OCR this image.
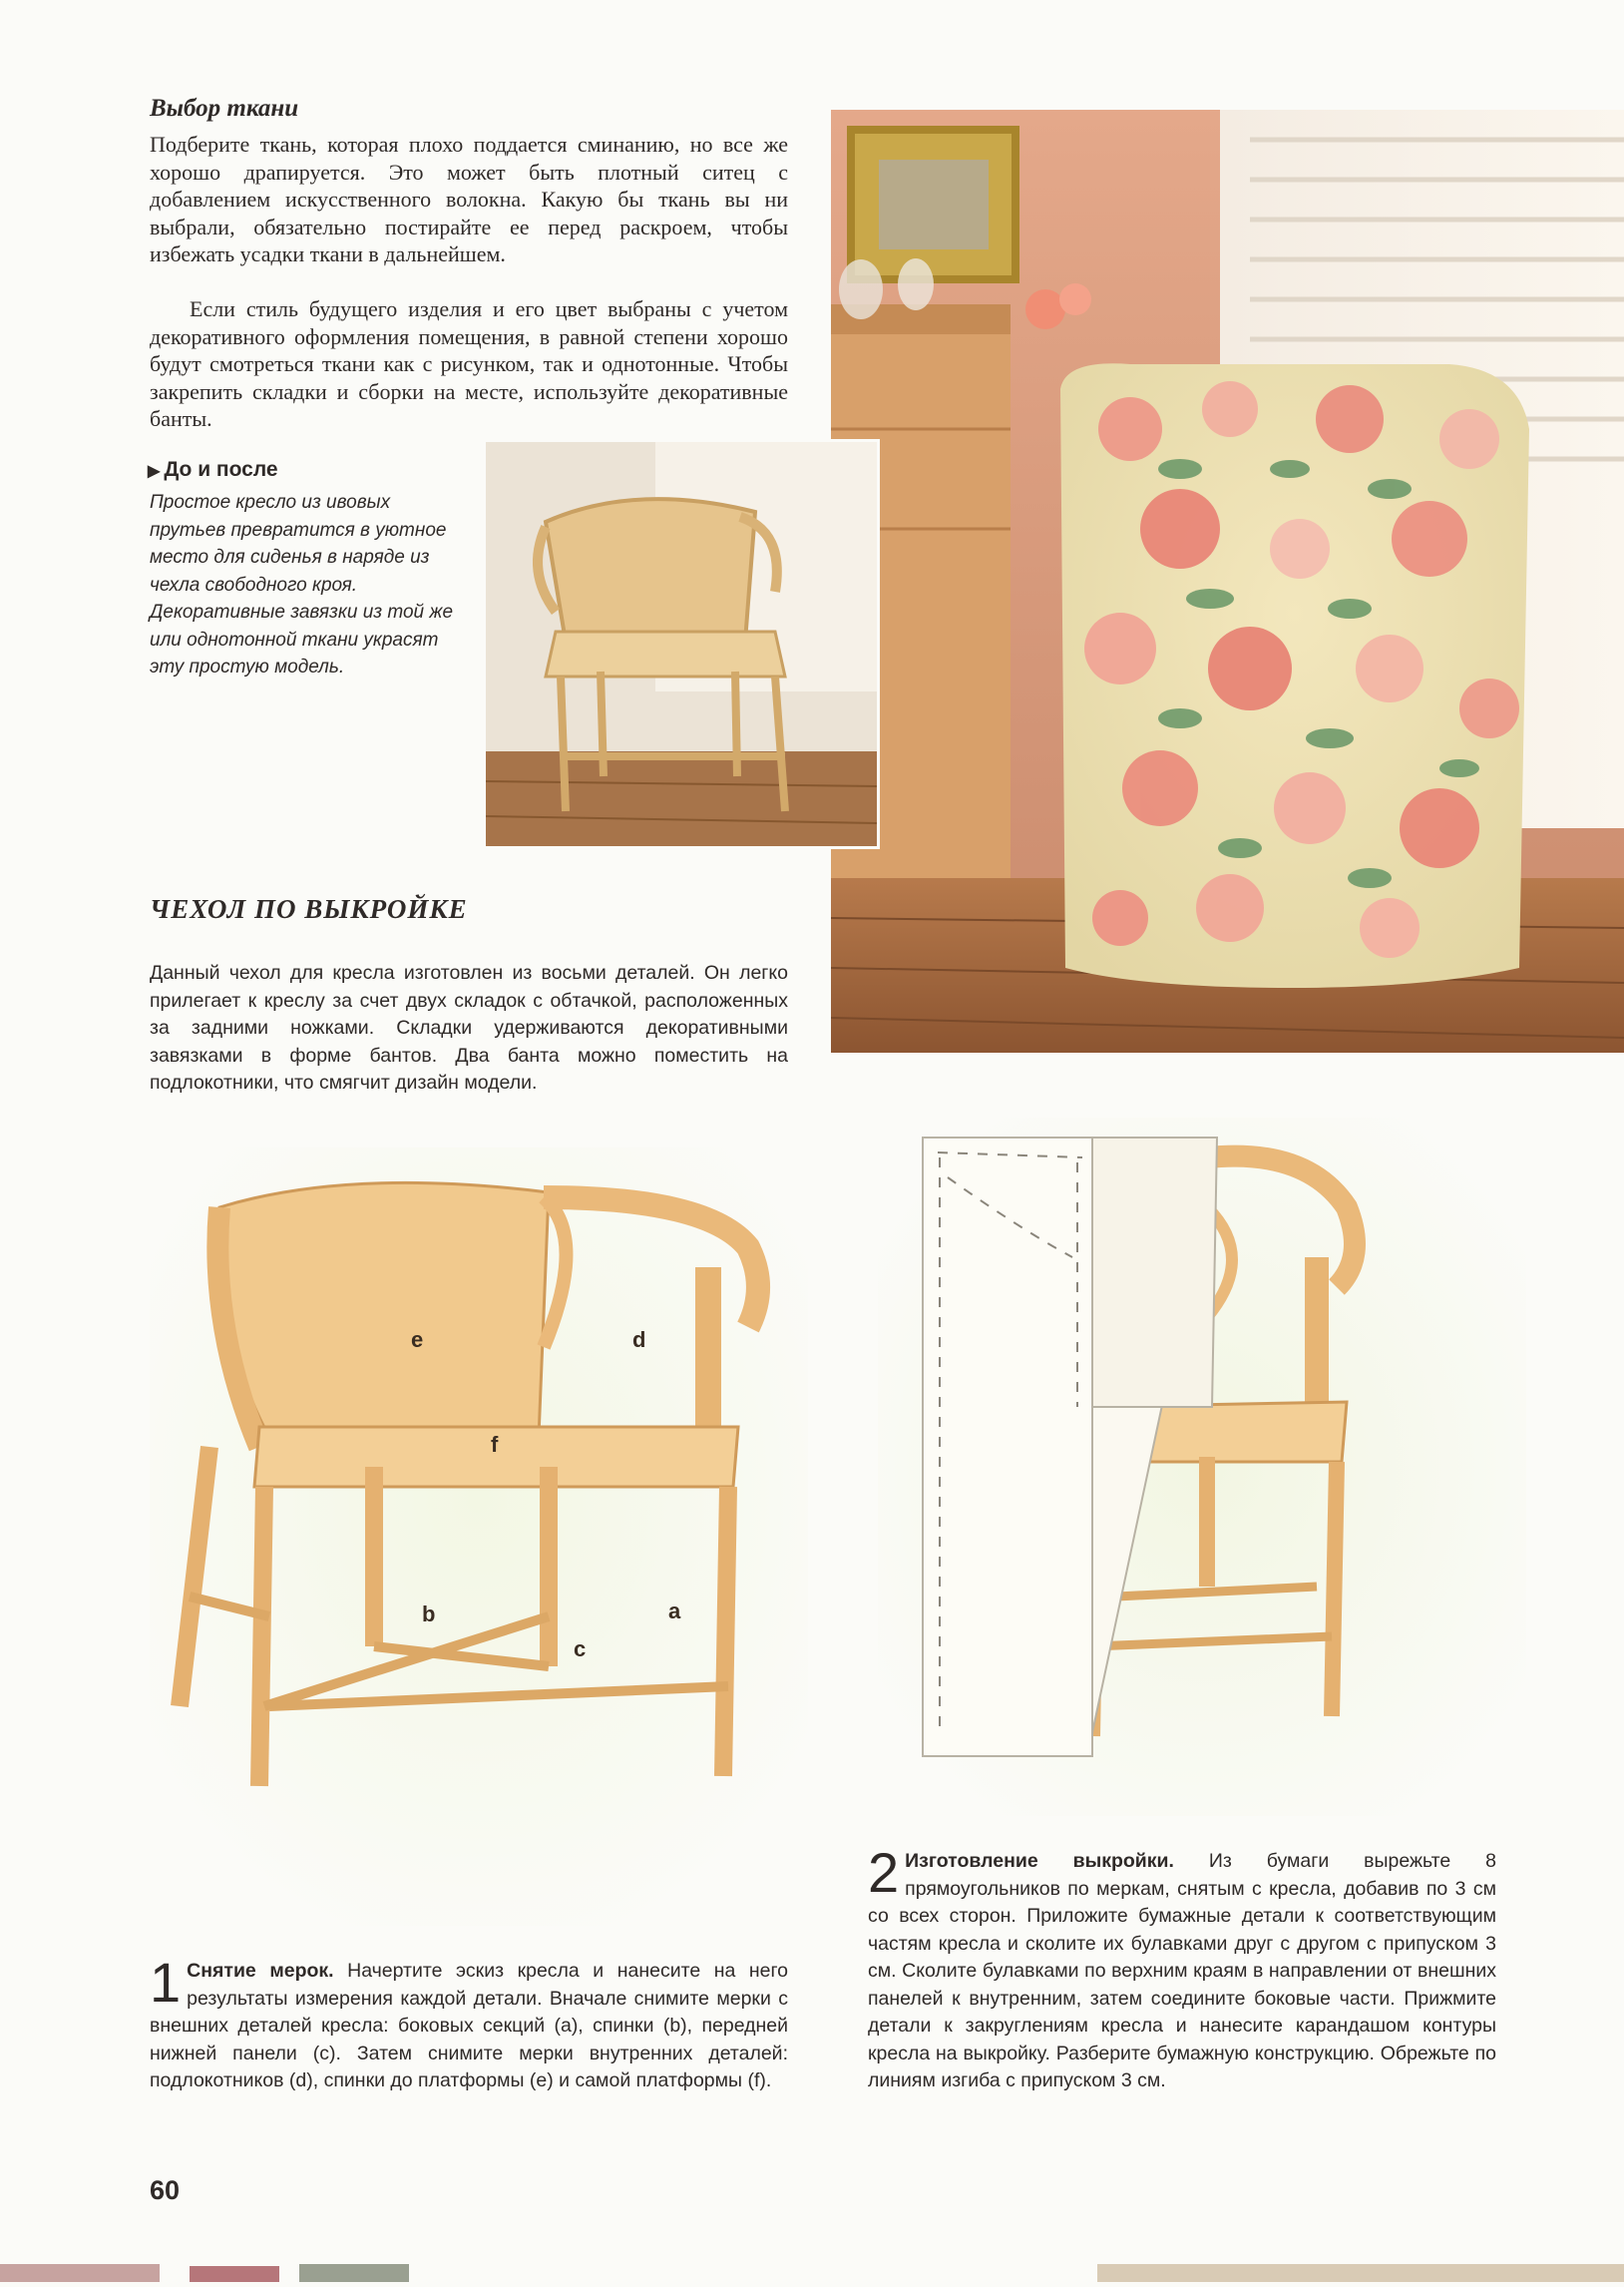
Выбор ткани

Подберите ткань, которая плохо поддается сминанию, но все же хорошо драпируется. Это может быть плотный ситец с добавлением искусственного волокна. Какую бы ткань вы ни выбрали, обязательно постирайте ее перед раскроем, чтобы избежать усадки ткани в дальнейшем.

Если стиль будущего изделия и его цвет выбраны с учетом декоративного оформления помещения, в равной степени хорошо будут смотреться ткани как с рисунком, так и однотонные. Чтобы закрепить складки и сборки на месте, используйте декоративные банты.

▶ До и после
Простое кресло из ивовых прутьев превратится в уютное место для сиденья в наряде из чехла свободного кроя. Декоративные завязки из той же или однотонной ткани украсят эту простую модель.
ЧЕХОЛ ПО ВЫКРОЙКЕ
Данный чехол для кресла изготовлен из восьми деталей. Он легко прилегает к креслу за счет двух складок с обтачкой, расположенных за задними ножками. Складки удерживаются декоративными завязками в форме бантов. Два банта можно поместить на подлокотники, что смягчит дизайн модели.
e	d
f
b	a
c
1 Снятие мерок. Начертите эскиз кресла и нанесите на него результаты измерения каждой детали. Вначале снимите мерки с внешних деталей кресла: боковых секций (a), спинки (b), передней нижней панели (c). Затем снимите мерки внутренних деталей: подлокотников (d), спинки до платформы (e) и самой платформы (f).
2 Изготовление выкройки. Из бумаги вырежьте 8 прямоугольников по меркам, снятым с кресла, добавив по 3 см со всех сторон. Приложите бумажные детали к соответствующим частям кресла и сколите их булавками друг с другом с припуском 3 см. Сколите булавками по верхним краям в направлении от внешних панелей к внутренним, затем соедините боковые части. Прижмите детали к закруглениям кресла и нанесите карандашом контуры кресла на выкройку. Разберите бумажную конструкцию. Обрежьте по линиям изгиба с припуском 3 см.
60
